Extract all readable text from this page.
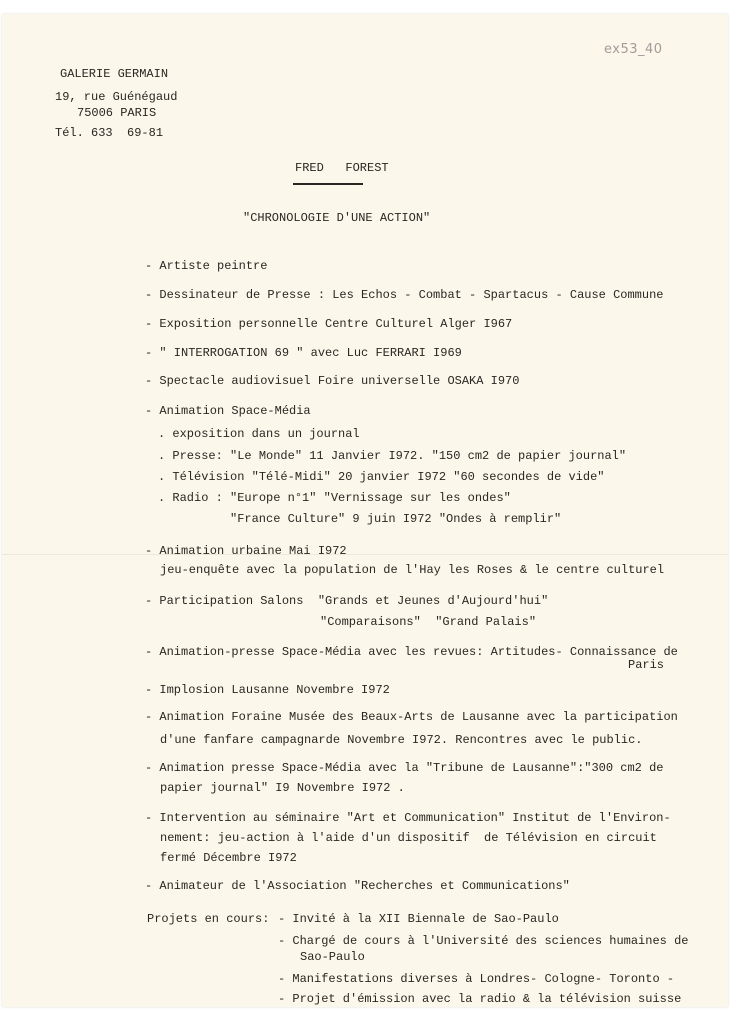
ex53_40
GALERIE GERMAIN
19, rue Guénégaud
75006 PARIS
Tél. 633  69-81
FRED   FOREST
"CHRONOLOGIE D'UNE ACTION"
- Artiste peintre
- Dessinateur de Presse : Les Echos - Combat - Spartacus - Cause Commune
- Exposition personnelle Centre Culturel Alger I967
- " INTERROGATION 69 " avec Luc FERRARI I969
- Spectacle audiovisuel Foire universelle OSAKA I970
- Animation Space-Média
. exposition dans un journal
. Presse: "Le Monde" 11 Janvier I972. "150 cm2 de papier journal"
. Télévision "Télé-Midi" 20 janvier I972 "60 secondes de vide"
. Radio : "Europe n°1" "Vernissage sur les ondes"
"France Culture" 9 juin I972 "Ondes à remplir"
- Animation urbaine Mai I972
jeu-enquête avec la population de l'Hay les Roses & le centre culturel
- Participation Salons  "Grands et Jeunes d'Aujourd'hui"
"Comparaisons"  "Grand Palais"
- Animation-presse Space-Média avec les revues: Artitudes- Connaissance de
Paris
- Implosion Lausanne Novembre I972
- Animation Foraine Musée des Beaux-Arts de Lausanne avec la participation
d'une fanfare campagnarde Novembre I972. Rencontres avec le public.
- Animation presse Space-Média avec la "Tribune de Lausanne":"300 cm2 de
papier journal" I9 Novembre I972 .
- Intervention au séminaire "Art et Communication" Institut de l'Environ-
nement: jeu-action à l'aide d'un dispositif  de Télévision en circuit
fermé Décembre I972
- Animateur de l'Association "Recherches et Communications"
Projets en cours: - Invité à la XII Biennale de Sao-Paulo
- Chargé de cours à l'Université des sciences humaines de
Sao-Paulo
- Manifestations diverses à Londres- Cologne- Toronto -
- Projet d'émission avec la radio & la télévision suisse
